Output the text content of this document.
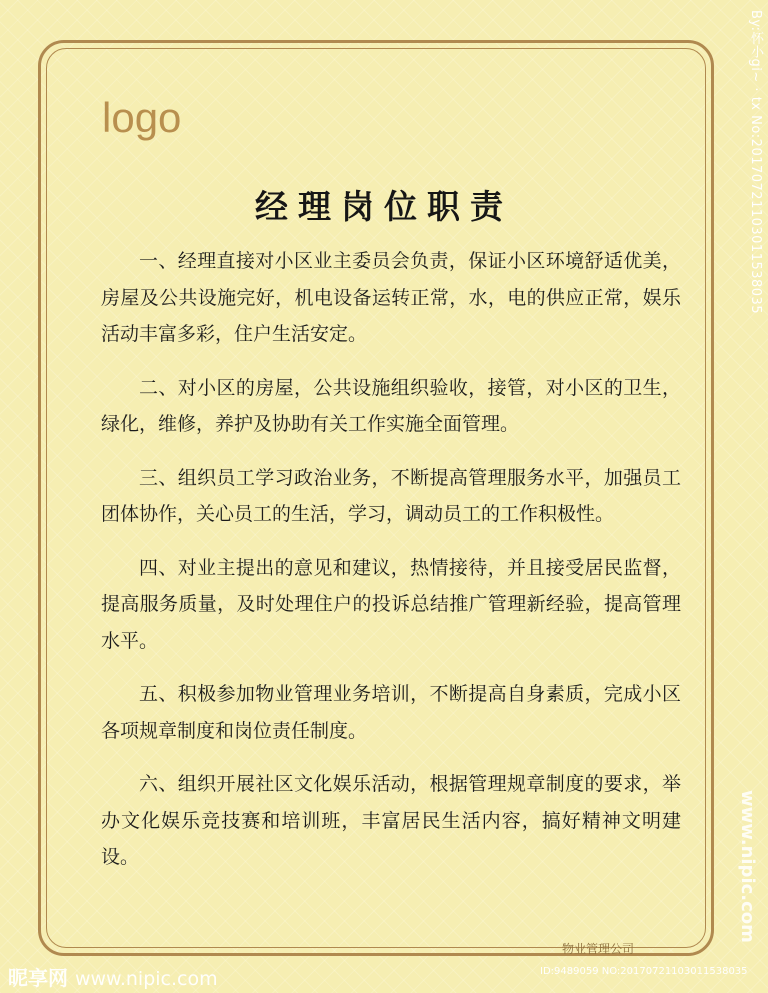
logo
经理岗位职责

一、经理直接对小区业主委员会负责，保证小区环境舒适优美，房屋及公共设施完好，机电设备运转正常，水，电的供应正常，娱乐活动丰富多彩，住户生活安定。

二、对小区的房屋，公共设施组织验收，接管，对小区的卫生，绿化，维修，养护及协助有关工作实施全面管理。

三、组织员工学习政治业务，不断提高管理服务水平，加强员工团体协作，关心员工的生活，学习，调动员工的工作积极性。

四、对业主提出的意见和建议，热情接待，并且接受居民监督，提高服务质量，及时处理住户的投诉总结推广管理新经验，提高管理水平。

五、积极参加物业管理业务培训，不断提高自身素质，完成小区各项规章制度和岗位责任制度。

六、组织开展社区文化娱乐活动，根据管理规章制度的要求，举办文化娱乐竞技赛和培训班，丰富居民生活内容，搞好精神文明建设。

物业管理公司
By:怀小gi~ · tx No:20170721103011538035
www.nipic.com
昵享网 www.nipic.com	ID:9489059 NO:20170721103011538035
